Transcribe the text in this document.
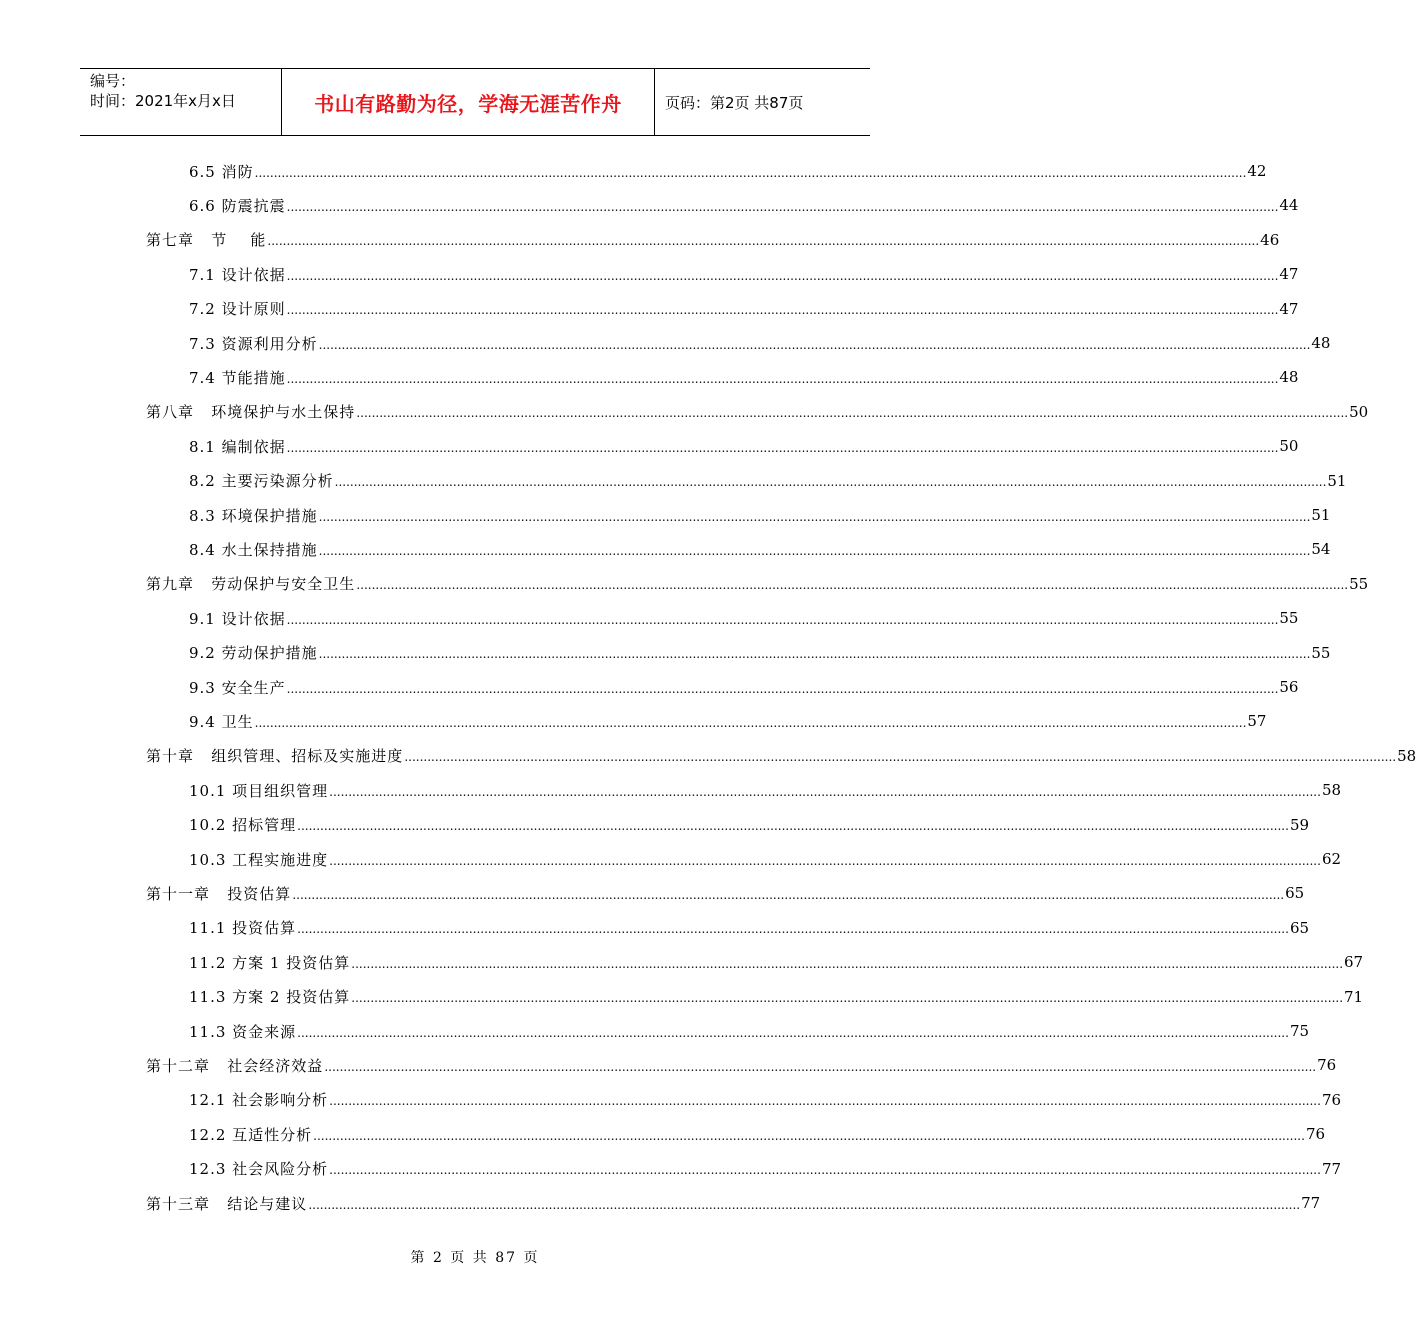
编号：
时间：2021年x月x日	书山有路勤为径，学海无涯苦作舟	页码：第2页 共87页
6.5 消防 .................................................................................................................................................................................................................................................................... 42
6.6 防震抗震 .................................................................................................................................................................................................................................................................... 44
第七章   节    能 .................................................................................................................................................................................................................................................................... 46
7.1 设计依据 .................................................................................................................................................................................................................................................................... 47
7.2 设计原则 .................................................................................................................................................................................................................................................................... 47
7.3 资源利用分析 .................................................................................................................................................................................................................................................................... 48
7.4 节能措施 .................................................................................................................................................................................................................................................................... 48
第八章   环境保护与水土保持 .................................................................................................................................................................................................................................................................... 50
8.1 编制依据 .................................................................................................................................................................................................................................................................... 50
8.2 主要污染源分析 .................................................................................................................................................................................................................................................................... 51
8.3 环境保护措施 .................................................................................................................................................................................................................................................................... 51
8.4 水土保持措施 .................................................................................................................................................................................................................................................................... 54
第九章   劳动保护与安全卫生 .................................................................................................................................................................................................................................................................... 55
9.1 设计依据 .................................................................................................................................................................................................................................................................... 55
9.2 劳动保护措施 .................................................................................................................................................................................................................................................................... 55
9.3 安全生产 .................................................................................................................................................................................................................................................................... 56
9.4 卫生 .................................................................................................................................................................................................................................................................... 57
第十章   组织管理、招标及实施进度 .................................................................................................................................................................................................................................................................... 58
10.1 项目组织管理 .................................................................................................................................................................................................................................................................... 58
10.2 招标管理 .................................................................................................................................................................................................................................................................... 59
10.3 工程实施进度 .................................................................................................................................................................................................................................................................... 62
第十一章   投资估算 .................................................................................................................................................................................................................................................................... 65
11.1 投资估算 .................................................................................................................................................................................................................................................................... 65
11.2 方案 1 投资估算 .................................................................................................................................................................................................................................................................... 67
11.3 方案 2 投资估算 .................................................................................................................................................................................................................................................................... 71
11.3 资金来源 .................................................................................................................................................................................................................................................................... 75
第十二章   社会经济效益 .................................................................................................................................................................................................................................................................... 76
12.1 社会影响分析 .................................................................................................................................................................................................................................................................... 76
12.2 互适性分析 .................................................................................................................................................................................................................................................................... 76
12.3 社会风险分析 .................................................................................................................................................................................................................................................................... 77
第十三章   结论与建议 .................................................................................................................................................................................................................................................................... 77
第 2 页 共 87 页
